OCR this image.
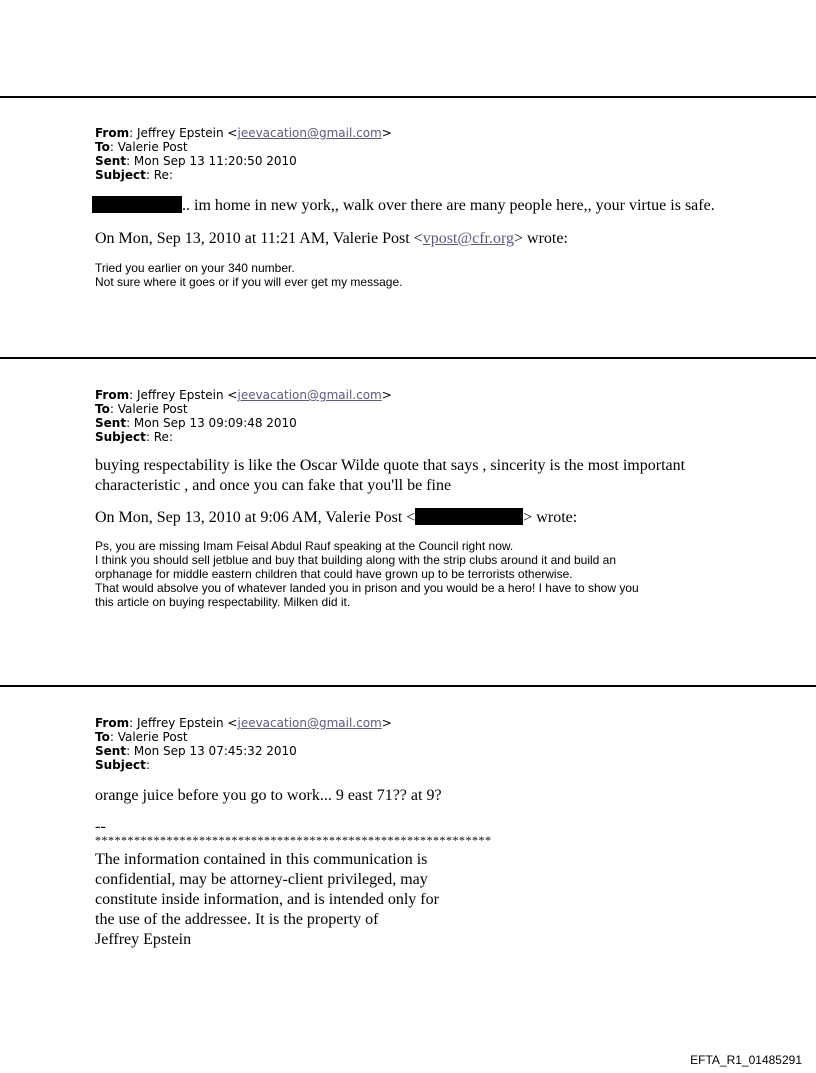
From: Jeffrey Epstein <jeevacation@gmail.com>
To: Valerie Post
Sent: Mon Sep 13 11:20:50 2010
Subject: Re:
.. im home in new york,, walk over there are many people here,, your virtue is safe.
On Mon, Sep 13, 2010 at 11:21 AM, Valerie Post <vpost@cfr.org> wrote:
Tried you earlier on your 340 number.
Not sure where it goes or if you will ever get my message.
From: Jeffrey Epstein <jeevacation@gmail.com>
To: Valerie Post
Sent: Mon Sep 13 09:09:48 2010
Subject: Re:
buying respectability is like the Oscar Wilde quote that says , sincerity is the most important
characteristic , and once you can fake that you'll be fine
On Mon, Sep 13, 2010 at 9:06 AM, Valerie Post <	> wrote:
Ps, you are missing Imam Feisal Abdul Rauf speaking at the Council right now.
I think you should sell jetblue and buy that building along with the strip clubs around it and build an
orphanage for middle eastern children that could have grown up to be terrorists otherwise.
That would absolve you of whatever landed you in prison and you would be a hero! I have to show you
this article on buying respectability. Milken did it.
From: Jeffrey Epstein <jeevacation@gmail.com>
To: Valerie Post
Sent: Mon Sep 13 07:45:32 2010
Subject:
orange juice before you go to work... 9 east 71?? at 9?
--
*************************************************************
The information contained in this communication is
confidential, may be attorney-client privileged, may
constitute inside information, and is intended only for
the use of the addressee. It is the property of
Jeffrey Epstein
EFTA_R1_01485291
